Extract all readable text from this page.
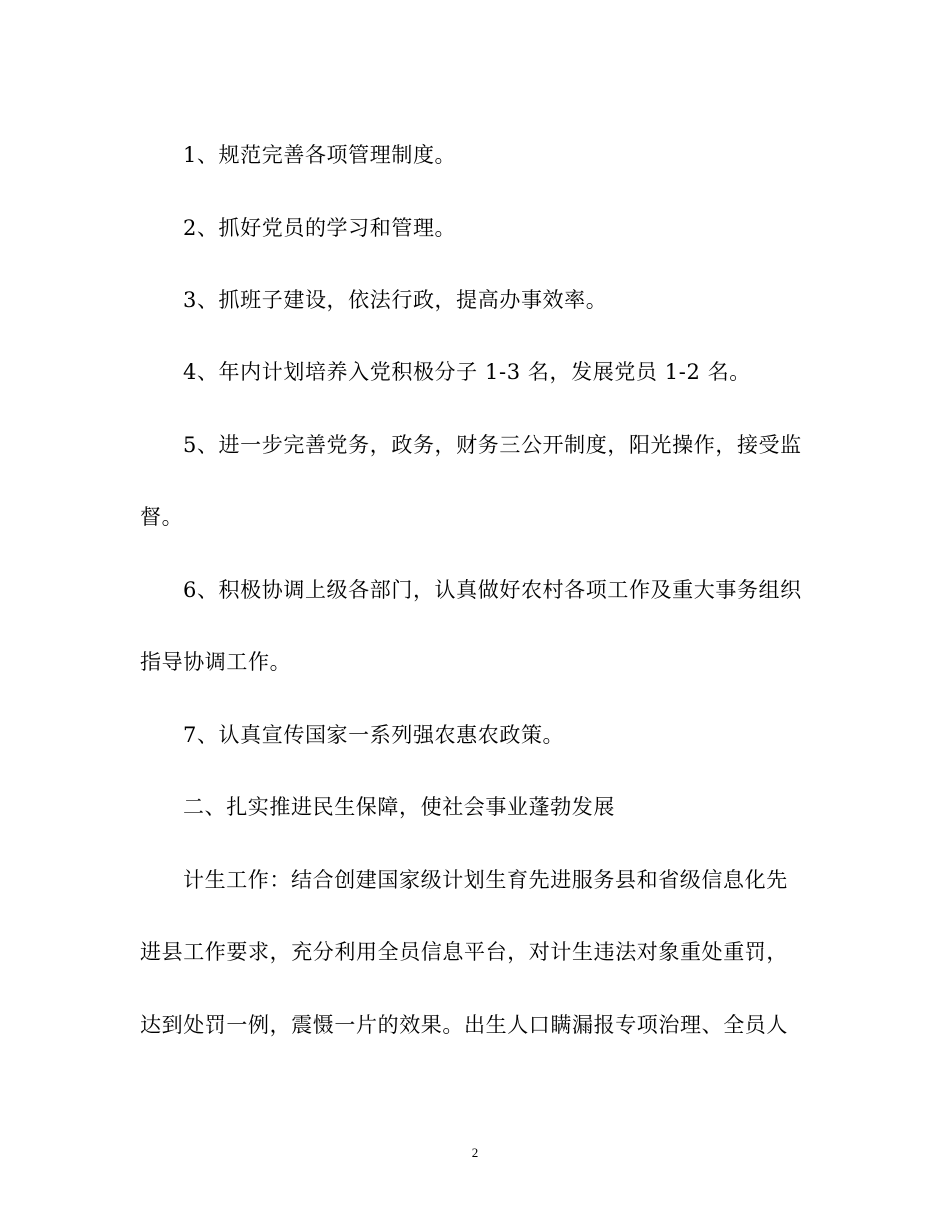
1、规范完善各项管理制度。
2、抓好党员的学习和管理。
3、抓班子建设，依法行政，提高办事效率。
4、年内计划培养入党积极分子 1-3 名，发展党员 1-2 名。
5、进一步完善党务，政务，财务三公开制度，阳光操作，接受监
督。
6、积极协调上级各部门，认真做好农村各项工作及重大事务组织
指导协调工作。
7、认真宣传国家一系列强农惠农政策。
二、扎实推进民生保障，使社会事业蓬勃发展
计生工作：结合创建国家级计划生育先进服务县和省级信息化先
进县工作要求，充分利用全员信息平台，对计生违法对象重处重罚，
达到处罚一例，震慑一片的效果。出生人口瞒漏报专项治理、全员人
2
